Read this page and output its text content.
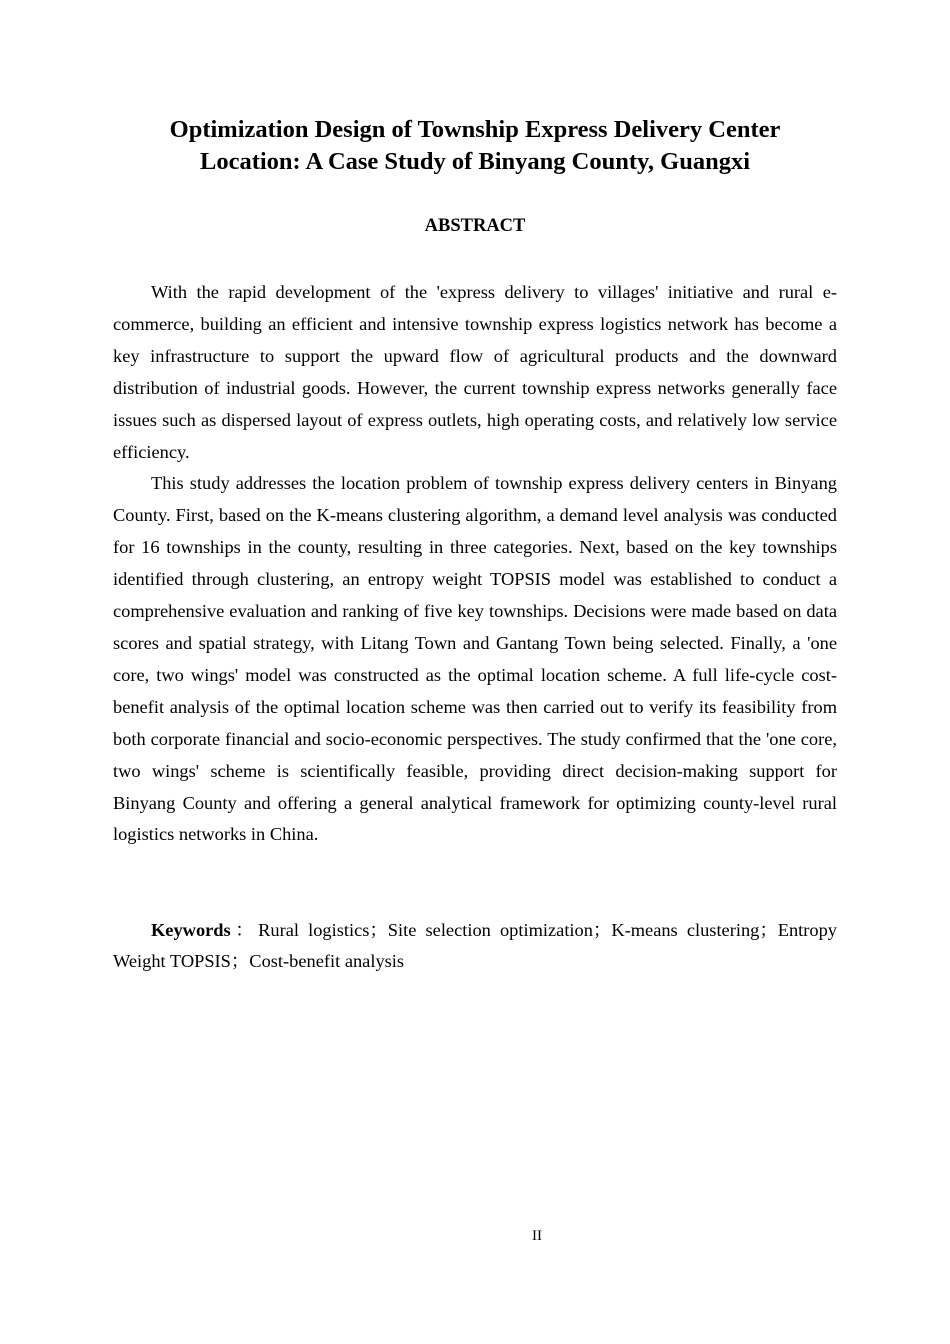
Optimization Design of Township Express Delivery Center
Location: A Case Study of Binyang County, Guangxi
ABSTRACT

With the rapid development of the 'express delivery to villages' initiative and rural e-commerce, building an efficient and intensive township express logistics network has become a key infrastructure to support the upward flow of agricultural products and the downward distribution of industrial goods. However, the current township express networks generally face issues such as dispersed layout of express outlets, high operating costs, and relatively low service efficiency.

This study addresses the location problem of township express delivery centers in Binyang County. First, based on the K-means clustering algorithm, a demand level analysis was conducted for 16 townships in the county, resulting in three categories. Next, based on the key townships identified through clustering, an entropy weight TOPSIS model was established to conduct a comprehensive evaluation and ranking of five key townships. Decisions were made based on data scores and spatial strategy, with Litang Town and Gantang Town being selected. Finally, a 'one core, two wings' model was constructed as the optimal location scheme. A full life-cycle cost-benefit analysis of the optimal location scheme was then carried out to verify its feasibility from both corporate financial and socio-economic perspectives. The study confirmed that the 'one core, two wings' scheme is scientifically feasible, providing direct decision-making support for Binyang County and offering a general analytical framework for optimizing county-level rural logistics networks in China.

Keywords：Rural logistics；Site selection optimization；K-means clustering；Entropy Weight TOPSIS；Cost-benefit analysis

II
